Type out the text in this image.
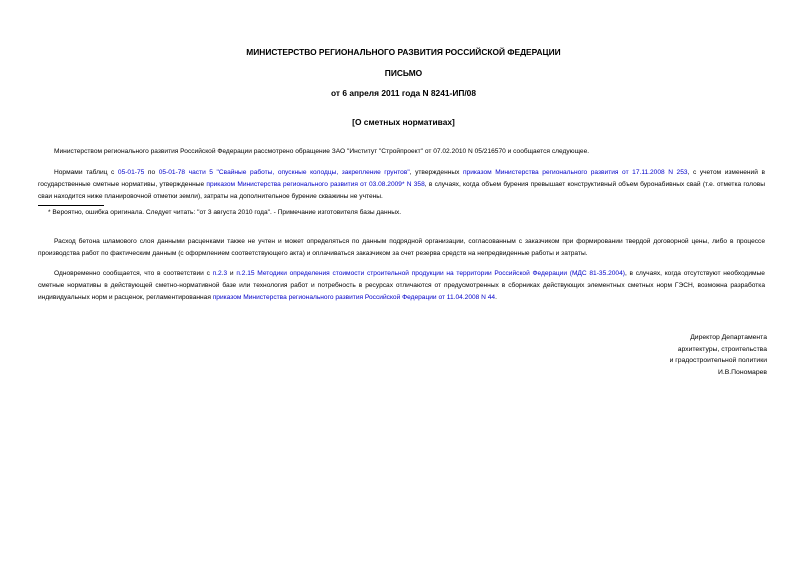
МИНИСТЕРСТВО РЕГИОНАЛЬНОГО РАЗВИТИЯ РОССИЙСКОЙ ФЕДЕРАЦИИ
ПИСЬМО
от 6 апреля 2011 года N 8241-ИП/08
[О сметных нормативах]
Министерством регионального развития Российской Федерации рассмотрено обращение ЗАО "Институт "Стройпроект" от 07.02.2010 N 05/216570 и сообщается следующее.
Нормами таблиц с 05-01-75 по 05-01-78 части 5 "Свайные работы, опускные колодцы, закрепление грунтов", утвержденных приказом Министерства регионального развития от 17.11.2008 N 253, с учетом изменений в государственные сметные нормативы, утвержденные приказом Министерства регионального развития от 03.08.2009* N 358, в случаях, когда объем бурения превышает конструктивный объем буронабивных свай (т.е. отметка головы сваи находится ниже планировочной отметки земли), затраты на дополнительное бурение скважины не учтены.
* Вероятно, ошибка оригинала. Следует читать: "от 3 августа 2010 года". - Примечание изготовителя базы данных.
Расход бетона шламового слоя данными расценками также не учтен и может определяться по данным подрядной организации, согласованным с заказчиком при формировании твердой договорной цены, либо в процессе производства работ по фактическим данным (с оформлением соответствующего акта) и оплачиваться заказчиком за счет резерва средств на непредвиденные работы и затраты.
Одновременно сообщается, что в соответствии с п.2.3 и п.2.15 Методики определения стоимости строительной продукции на территории Российской Федерации (МДС 81-35.2004), в случаях, когда отсутствуют необходимые сметные нормативы в действующей сметно-нормативной базе или технология работ и потребность в ресурсах отличаются от предусмотренных в сборниках действующих элементных сметных норм ГЭСН, возможна разработка индивидуальных норм и расценок, регламентированная приказом Министерства регионального развития Российской Федерации от 11.04.2008 N 44.
Директор Департамента
архитектуры, строительства
и градостроительной политики
И.В.Пономарев
